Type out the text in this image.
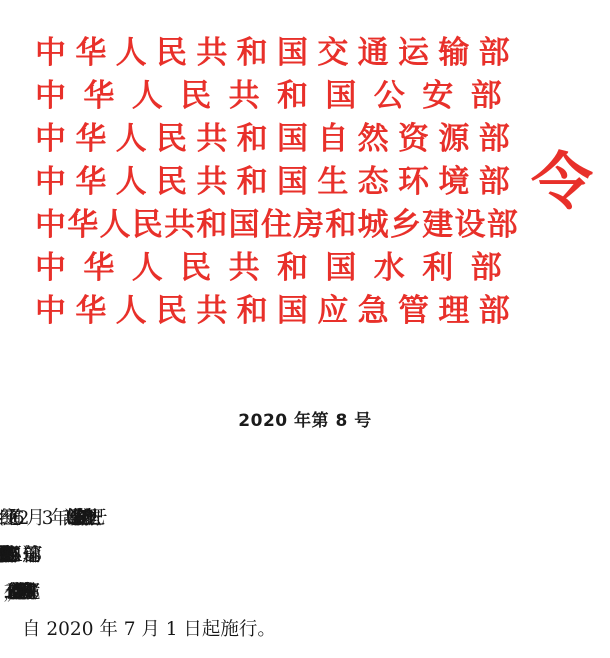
中华人民共和国交通运输部
中华人民共和国公安部
中华人民共和国自然资源部
中华人民共和国生态环境部
中华人民共和国住房和城乡建设部
中华人民共和国水利部
中华人民共和国应急管理部
令
2020 年第 8 号
自 2020 年 7 月 1 日起施行。
